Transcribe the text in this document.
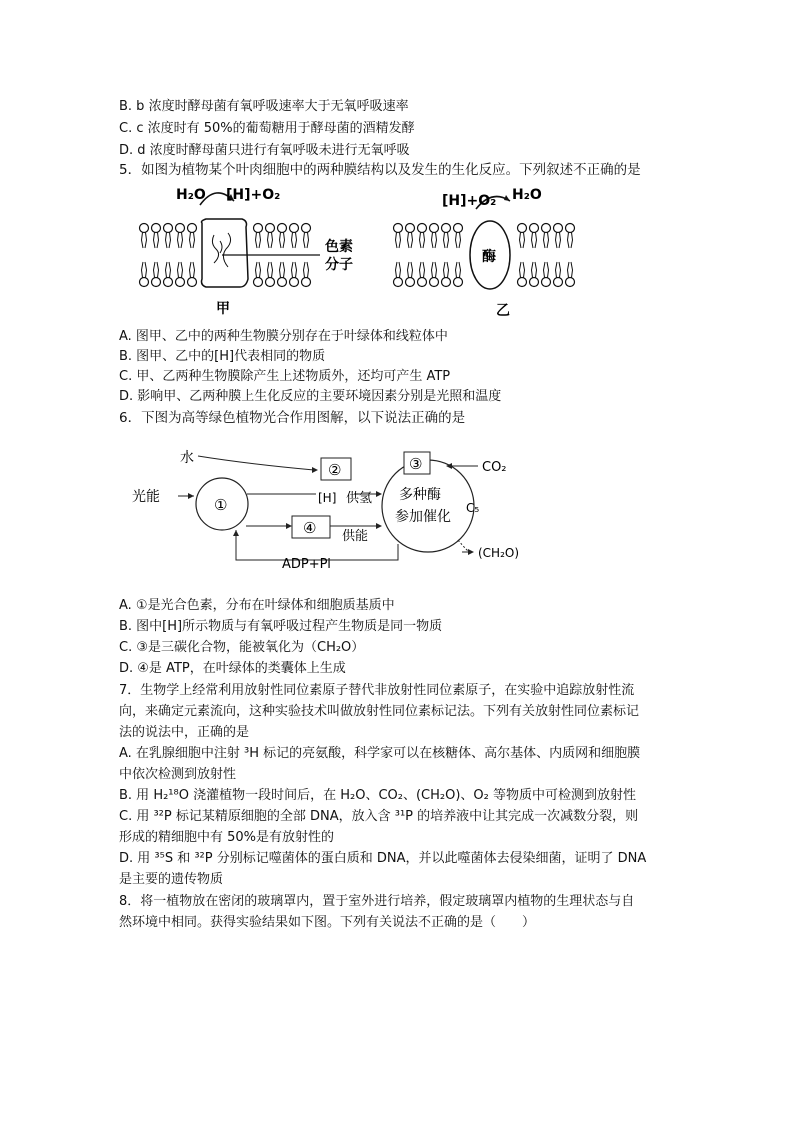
B. b 浓度时酵母菌有氧呼吸速率大于无氧呼吸速率
C. c 浓度时有 50%的葡萄糖用于酵母菌的酒精发酵
D. d 浓度时酵母菌只进行有氧呼吸未进行无氧呼吸
5．如图为植物某个叶肉细胞中的两种膜结构以及发生的生化反应。下列叙述不正确的是
H₂O [H]+O₂
色素
分子
甲
[H]+O₂ H₂O
酶
乙
A. 图甲、乙中的两种生物膜分别存在于叶绿体和线粒体中
B. 图甲、乙中的[H]代表相同的物质
C. 甲、乙两种生物膜除产生上述物质外，还均可产生 ATP
D. 影响甲、乙两种膜上生化反应的主要环境因素分别是光照和温度
6．下图为高等绿色植物光合作用图解，以下说法正确的是
水
光能	①
②	③
④
[H] 供氢
供能
CO₂
C₅
多种酶
参加催化
ADP+Pi
(CH₂O)
A. ①是光合色素，分布在叶绿体和细胞质基质中
B. 图中[H]所示物质与有氧呼吸过程产生物质是同一物质
C. ③是三碳化合物，能被氧化为（CH₂O）
D. ④是 ATP，在叶绿体的类囊体上生成
7．生物学上经常利用放射性同位素原子替代非放射性同位素原子，在实验中追踪放射性流
向，来确定元素流向，这种实验技术叫做放射性同位素标记法。下列有关放射性同位素标记
法的说法中，正确的是
A. 在乳腺细胞中注射 ³H 标记的亮氨酸，科学家可以在核糖体、高尔基体、内质网和细胞膜
中依次检测到放射性
B. 用 H₂¹⁸O 浇灌植物一段时间后，在 H₂O、CO₂、(CH₂O)、O₂ 等物质中可检测到放射性
C. 用 ³²P 标记某精原细胞的全部 DNA，放入含 ³¹P 的培养液中让其完成一次减数分裂，则
形成的精细胞中有 50%是有放射性的
D. 用 ³⁵S 和 ³²P 分别标记噬菌体的蛋白质和 DNA，并以此噬菌体去侵染细菌，证明了 DNA
是主要的遗传物质
8．将一植物放在密闭的玻璃罩内，置于室外进行培养，假定玻璃罩内植物的生理状态与自
然环境中相同。获得实验结果如下图。下列有关说法不正确的是（　　）
